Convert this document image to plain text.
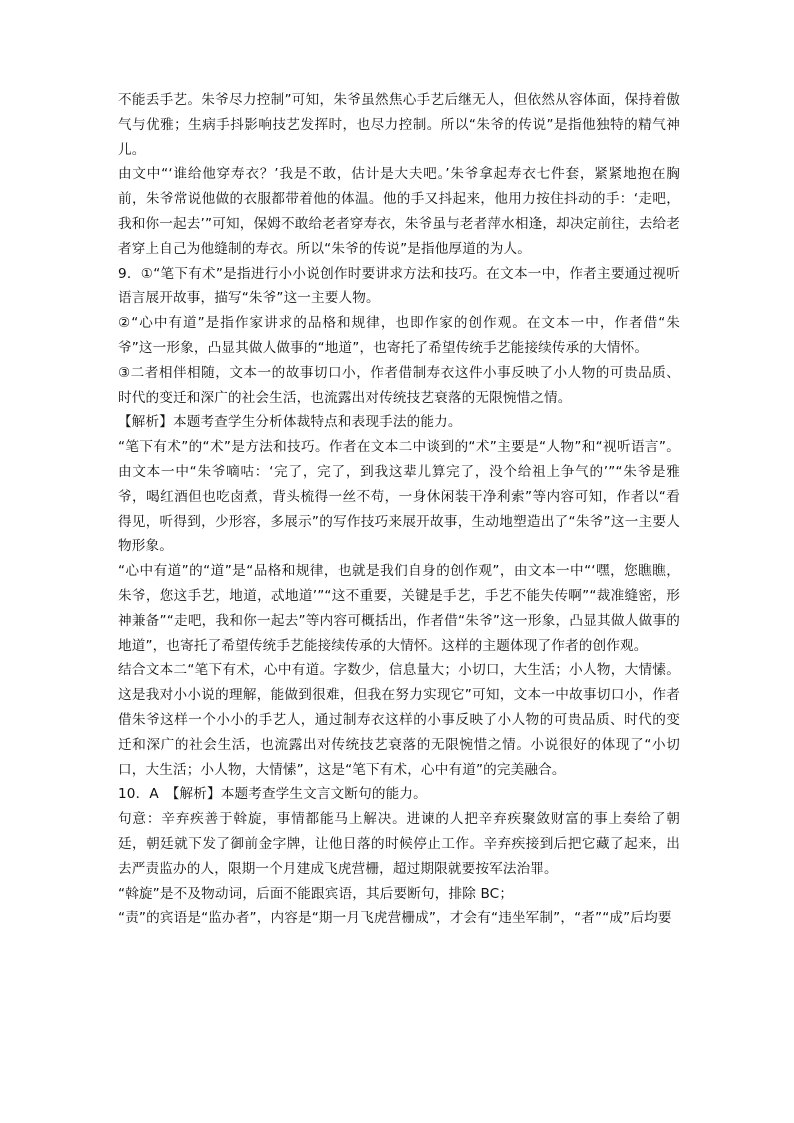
不能丢手艺。朱爷尽力控制”可知，朱爷虽然焦心手艺后继无人，但依然从容体面，保持着傲气与优雅；生病手抖影响技艺发挥时，也尽力控制。所以“朱爷的传说”是指他独特的精气神儿。

由文中“‘谁给他穿寿衣？’我是不敢，估计是大夫吧。’朱爷拿起寿衣七件套，紧紧地抱在胸前，朱爷常说他做的衣服都带着他的体温。他的手又抖起来，他用力按住抖动的手：‘走吧，我和你一起去’”可知，保姆不敢给老者穿寿衣，朱爷虽与老者萍水相逢，却决定前往，去给老者穿上自己为他缝制的寿衣。所以“朱爷的传说”是指他厚道的为人。

9．①“笔下有术”是指进行小小说创作时要讲求方法和技巧。在文本一中，作者主要通过视听语言展开故事，描写“朱爷”这一主要人物。

②“心中有道”是指作家讲求的品格和规律，也即作家的创作观。在文本一中，作者借“朱爷”这一形象，凸显其做人做事的“地道”，也寄托了希望传统手艺能接续传承的大情怀。

③二者相伴相随，文本一的故事切口小，作者借制寿衣这件小事反映了小人物的可贵品质、时代的变迁和深广的社会生活，也流露出对传统技艺衰落的无限惋惜之情。

【解析】本题考查学生分析体裁特点和表现手法的能力。

“笔下有术”的“术”是方法和技巧。作者在文本二中谈到的“术”主要是“人物”和“视听语言”。由文本一中“朱爷嘀咕：‘完了，完了，到我这辈儿算完了，没个给祖上争气的’”“朱爷是雅爷，喝红酒但也吃卤煮，背头梳得一丝不苟，一身休闲装干净利索”等内容可知，作者以“看得见，听得到，少形容，多展示”的写作技巧来展开故事，生动地塑造出了“朱爷”这一主要人物形象。

“心中有道”的“道”是“品格和规律，也就是我们自身的创作观”，由文本一中“‘嘿，您瞧瞧，朱爷，您这手艺，地道，忒地道’”“这不重要，关键是手艺，手艺不能失传啊”“裁准缝密，形神兼备”“走吧，我和你一起去”等内容可概括出，作者借“朱爷”这一形象，凸显其做人做事的地道”，也寄托了希望传统手艺能接续传承的大情怀。这样的主题体现了作者的创作观。

结合文本二“笔下有术，心中有道。字数少，信息量大；小切口，大生活；小人物，大情愫。这是我对小小说的理解，能做到很难，但我在努力实现它”可知，文本一中故事切口小，作者借朱爷这样一个小小的手艺人，通过制寿衣这样的小事反映了小人物的可贵品质、时代的变迁和深广的社会生活，也流露出对传统技艺衰落的无限惋惜之情。小说很好的体现了“小切口，大生活；小人物，大情愫”，这是“笔下有术，心中有道”的完美融合。

10．A　【解析】本题考查学生文言文断句的能力。

句意：辛弃疾善于斡旋，事情都能马上解决。进谏的人把辛弃疾聚敛财富的事上奏给了朝廷，朝廷就下发了御前金字牌，让他日落的时候停止工作。辛弃疾接到后把它藏了起来，出去严责监办的人，限期一个月建成飞虎营栅，超过期限就要按军法治罪。

“斡旋”是不及物动词，后面不能跟宾语，其后要断句，排除 BC；

“责”的宾语是“监办者”，内容是“期一月飞虎营栅成”，才会有“违坐军制”，“者”“成”后均要
